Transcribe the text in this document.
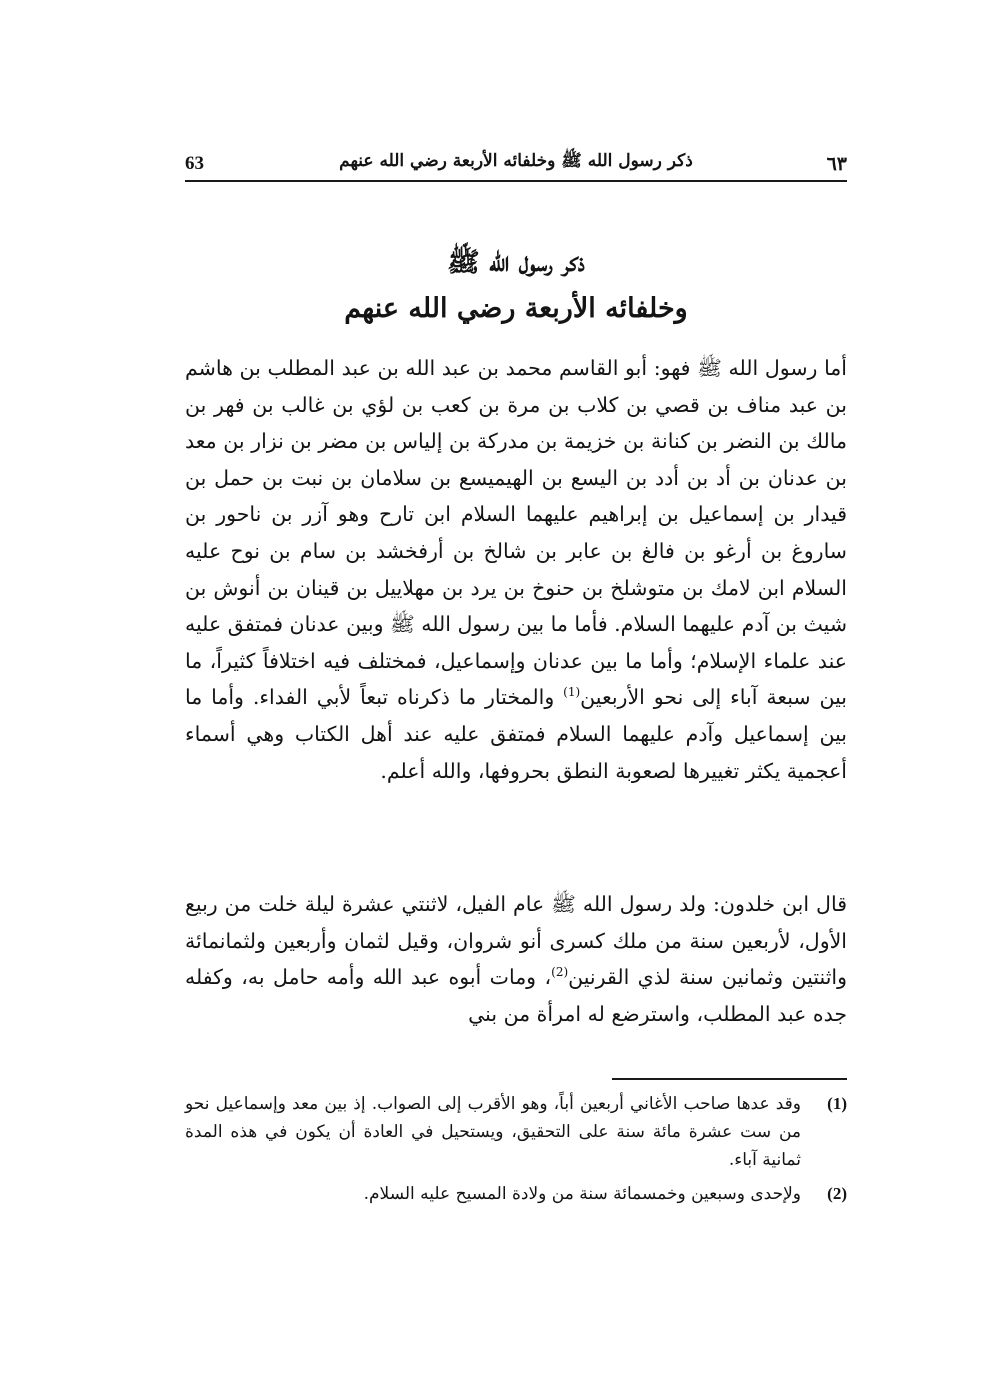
63	ذكر رسول الله ﷺ وخلفائه الأربعة رضي الله عنهم	٦٣
ذكر رسول الله ﷺ
وخلفائه الأربعة رضي الله عنهم

أما رسول الله ﷺ فهو: أبو القاسم محمد بن عبد الله بن عبد المطلب بن هاشم بن عبد مناف بن قصي بن كلاب بن مرة بن كعب بن لؤي بن غالب بن فهر بن مالك بن النضر بن كنانة بن خزيمة بن مدركة بن إلياس بن مضر بن نزار بن معد بن عدنان بن أد بن أدد بن اليسع بن الهيميسع بن سلامان بن نبت بن حمل بن قيدار بن إسماعيل بن إبراهيم عليهما السلام ابن تارح وهو آزر بن ناحور بن ساروغ بن أرغو بن فالغ بن عابر بن شالخ بن أرفخشد بن سام بن نوح عليه السلام ابن لامك بن متوشلخ بن حنوخ بن يرد بن مهلاييل بن قينان بن أنوش بن شيث بن آدم عليهما السلام. فأما ما بين رسول الله ﷺ وبين عدنان فمتفق عليه عند علماء الإسلام؛ وأما ما بين عدنان وإسماعيل، فمختلف فيه اختلافاً كثيراً، ما بين سبعة آباء إلى نحو الأربعين$^{(1)}$ والمختار ما ذكرناه تبعاً لأبي الفداء. وأما ما بين إسماعيل وآدم عليهما السلام فمتفق عليه عند أهل الكتاب وهي أسماء أعجمية يكثر تغييرها لصعوبة النطق بحروفها، والله أعلم.

قال ابن خلدون: ولد رسول الله ﷺ عام الفيل، لاثنتي عشرة ليلة خلت من ربيع الأول، لأربعين سنة من ملك كسرى أنو شروان، وقيل لثمان وأربعين ولثمانمائة واثنتين وثمانين سنة لذي القرنين$^{(2)}$، ومات أبوه عبد الله وأمه حامل به، وكفله جده عبد المطلب، واسترضع له امرأة من بني

(1)
وقد عدها صاحب الأغاني أربعين أباً، وهو الأقرب إلى الصواب. إذ بين معد وإسماعيل نحو من ست عشرة مائة سنة على التحقيق، ويستحيل في العادة أن يكون في هذه المدة ثمانية آباء.
(2)
ولإحدى وسبعين وخمسمائة سنة من ولادة المسيح عليه السلام.
